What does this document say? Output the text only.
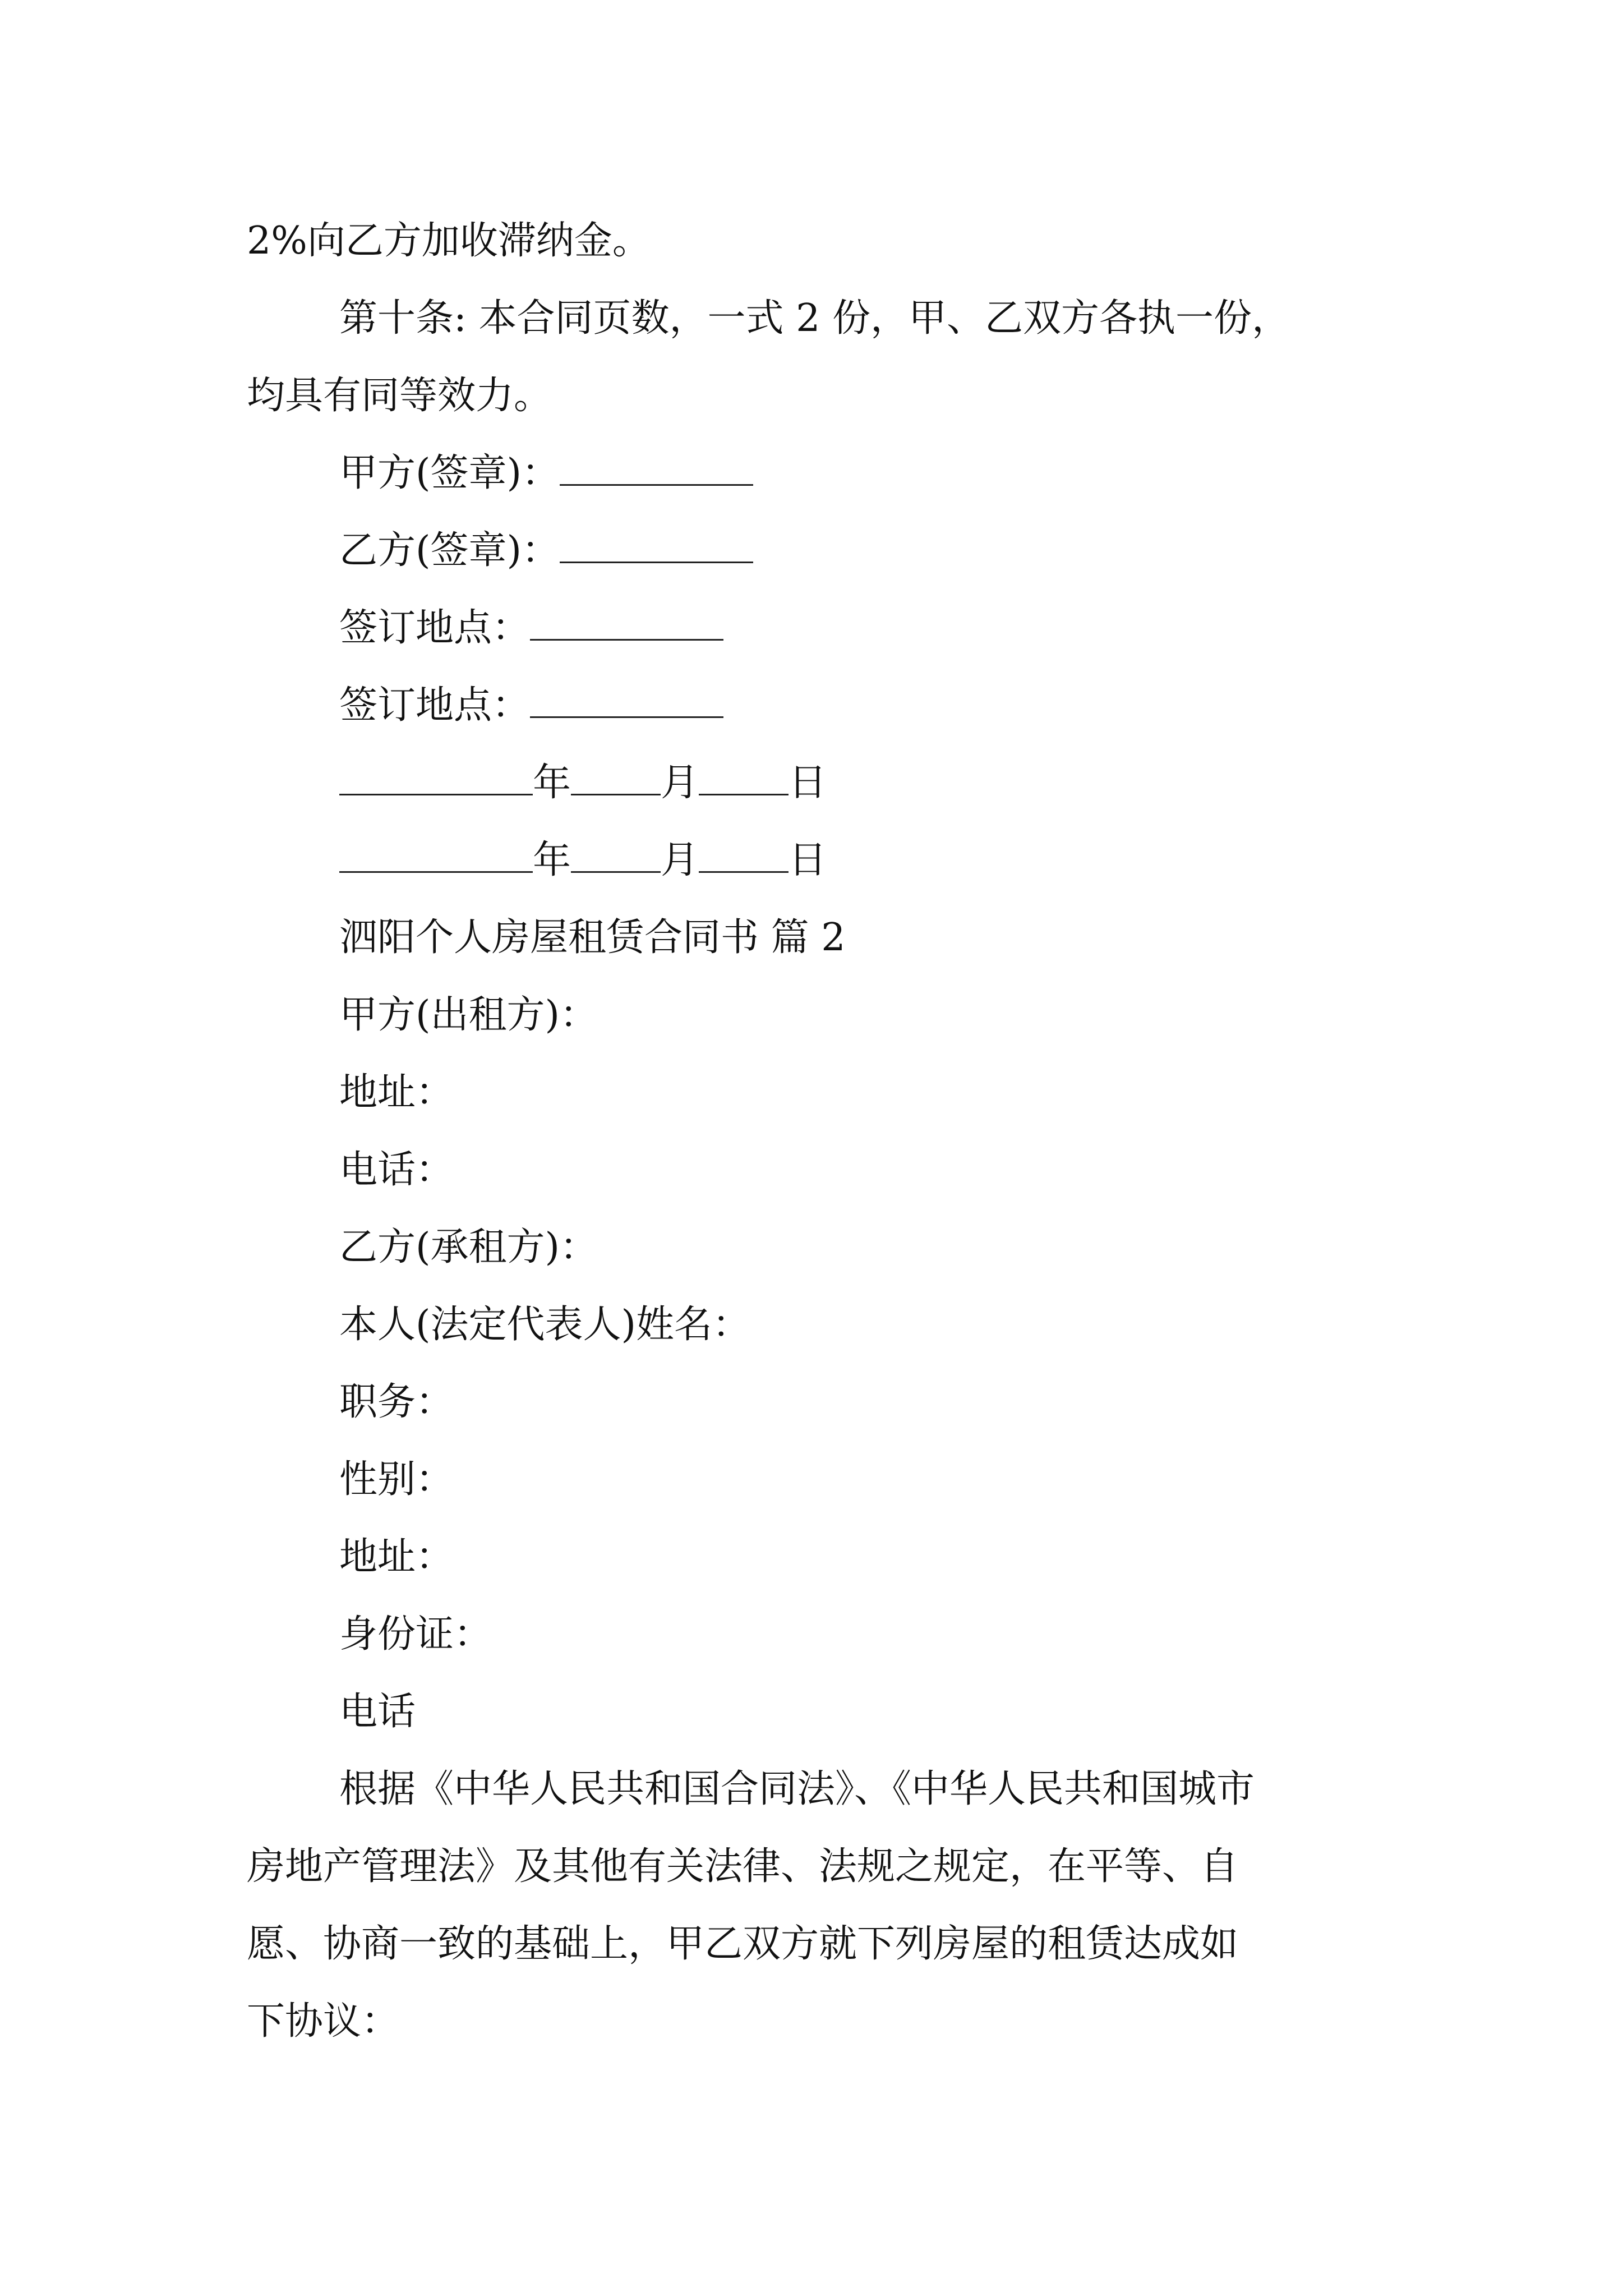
2%向乙方加收滞纳金。
第十条: 本合同页数，一式 2 份，甲、乙双方各执一份，
均具有同等效力。
甲方(签章)：
乙方(签章)：
签订地点：
签订地点：
年 月 日
年 月 日
泗阳个人房屋租赁合同书 篇 2
甲方(出租方)：
地址：
电话：
乙方(承租方)：
本人(法定代表人)姓名：
职务：
性别：
地址：
身份证：
电话
根据《中华人民共和国合同法》、《中华人民共和国城市
房地产管理法》及其他有关法律、法规之规定，在平等、自
愿、协商一致的基础上，甲乙双方就下列房屋的租赁达成如
下协议：
